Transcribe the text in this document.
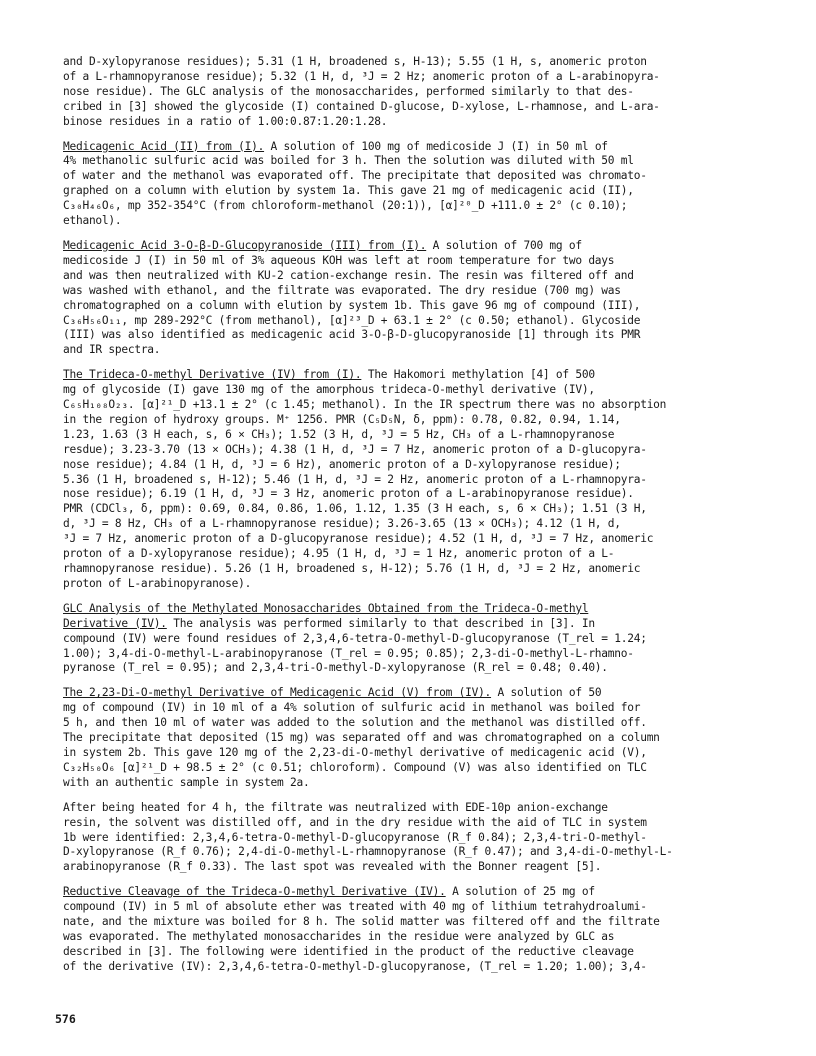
and D-xylopyranose residues); 5.31 (1 H, broadened s, H-13); 5.55 (1 H, s, anomeric proton
of a L-rhamnopyranose residue); 5.32 (1 H, d, ³J = 2 Hz; anomeric proton of a L-arabinopyra-
nose residue). The GLC analysis of the monosaccharides, performed similarly to that des-
cribed in [3] showed the glycoside (I) contained D-glucose, D-xylose, L-rhamnose, and L-ara-
binose residues in a ratio of 1.00:0.87:1.20:1.28.

Medicagenic Acid (II) from (I). A solution of 100 mg of medicoside J (I) in 50 ml of
4% methanolic sulfuric acid was boiled for 3 h. Then the solution was diluted with 50 ml
of water and the methanol was evaporated off. The precipitate that deposited was chromato-
graphed on a column with elution by system 1a. This gave 21 mg of medicagenic acid (II),
C₃₀H₄₆O₆, mp 352-354°C (from chloroform-methanol (20:1)), [α]²⁰_D +111.0 ± 2° (c 0.10);
ethanol).

Medicagenic Acid 3-O-β-D-Glucopyranoside (III) from (I). A solution of 700 mg of
medicoside J (I) in 50 ml of 3% aqueous KOH was left at room temperature for two days
and was then neutralized with KU-2 cation-exchange resin. The resin was filtered off and
was washed with ethanol, and the filtrate was evaporated. The dry residue (700 mg) was
chromatographed on a column with elution by system 1b. This gave 96 mg of compound (III),
C₃₆H₅₆O₁₁, mp 289-292°C (from methanol), [α]²³_D + 63.1 ± 2° (c 0.50; ethanol). Glycoside
(III) was also identified as medicagenic acid 3-O-β-D-glucopyranoside [1] through its PMR
and IR spectra.

The Trideca-O-methyl Derivative (IV) from (I). The Hakomori methylation [4] of 500
mg of glycoside (I) gave 130 mg of the amorphous trideca-O-methyl derivative (IV),
C₆₅H₁₀₈O₂₃. [α]²¹_D +13.1 ± 2° (c 1.45; methanol). In the IR spectrum there was no absorption
in the region of hydroxy groups. M⁺ 1256. PMR (C₅D₅N, δ, ppm): 0.78, 0.82, 0.94, 1.14,
1.23, 1.63 (3 H each, s, 6 × CH₃); 1.52 (3 H, d, ³J = 5 Hz, CH₃ of a L-rhamnopyranose
resdue); 3.23-3.70 (13 × OCH₃); 4.38 (1 H, d, ³J = 7 Hz, anomeric proton of a D-glucopyra-
nose residue); 4.84 (1 H, d, ³J = 6 Hz), anomeric proton of a D-xylopyranose residue);
5.36 (1 H, broadened s, H-12); 5.46 (1 H, d, ³J = 2 Hz, anomeric proton of a L-rhamnopyra-
nose residue); 6.19 (1 H, d, ³J = 3 Hz, anomeric proton of a L-arabinopyranose residue).
PMR (CDCl₃, δ, ppm): 0.69, 0.84, 0.86, 1.06, 1.12, 1.35 (3 H each, s, 6 × CH₃); 1.51 (3 H,
d, ³J = 8 Hz, CH₃ of a L-rhamnopyranose residue); 3.26-3.65 (13 × OCH₃); 4.12 (1 H, d,
³J = 7 Hz, anomeric proton of a D-glucopyranose residue); 4.52 (1 H, d, ³J = 7 Hz, anomeric
proton of a D-xylopyranose residue); 4.95 (1 H, d, ³J = 1 Hz, anomeric proton of a L-
rhamnopyranose residue). 5.26 (1 H, broadened s, H-12); 5.76 (1 H, d, ³J = 2 Hz, anomeric
proton of L-arabinopyranose).

GLC Analysis of the Methylated Monosaccharides Obtained from the Trideca-O-methyl
Derivative (IV). The analysis was performed similarly to that described in [3]. In
compound (IV) were found residues of 2,3,4,6-tetra-O-methyl-D-glucopyranose (T_rel = 1.24;
1.00); 3,4-di-O-methyl-L-arabinopyranose (T_rel = 0.95; 0.85); 2,3-di-O-methyl-L-rhamno-
pyranose (T_rel = 0.95); and 2,3,4-tri-O-methyl-D-xylopyranose (R_rel = 0.48; 0.40).

The 2,23-Di-O-methyl Derivative of Medicagenic Acid (V) from (IV). A solution of 50
mg of compound (IV) in 10 ml of a 4% solution of sulfuric acid in methanol was boiled for
5 h, and then 10 ml of water was added to the solution and the methanol was distilled off.
The precipitate that deposited (15 mg) was separated off and was chromatographed on a column
in system 2b. This gave 120 mg of the 2,23-di-O-methyl derivative of medicagenic acid (V),
C₃₂H₅₀O₆ [α]²¹_D + 98.5 ± 2° (c 0.51; chloroform). Compound (V) was also identified on TLC
with an authentic sample in system 2a.

After being heated for 4 h, the filtrate was neutralized with EDE-10p anion-exchange
resin, the solvent was distilled off, and in the dry residue with the aid of TLC in system
1b were identified: 2,3,4,6-tetra-O-methyl-D-glucopyranose (R_f 0.84); 2,3,4-tri-O-methyl-
D-xylopyranose (R_f 0.76); 2,4-di-O-methyl-L-rhamnopyranose (R_f 0.47); and 3,4-di-O-methyl-L-
arabinopyranose (R_f 0.33). The last spot was revealed with the Bonner reagent [5].

Reductive Cleavage of the Trideca-O-methyl Derivative (IV). A solution of 25 mg of
compound (IV) in 5 ml of absolute ether was treated with 40 mg of lithium tetrahydroalumi-
nate, and the mixture was boiled for 8 h. The solid matter was filtered off and the filtrate
was evaporated. The methylated monosaccharides in the residue were analyzed by GLC as
described in [3]. The following were identified in the product of the reductive cleavage
of the derivative (IV): 2,3,4,6-tetra-O-methyl-D-glucopyranose, (T_rel = 1.20; 1.00); 3,4-

576
